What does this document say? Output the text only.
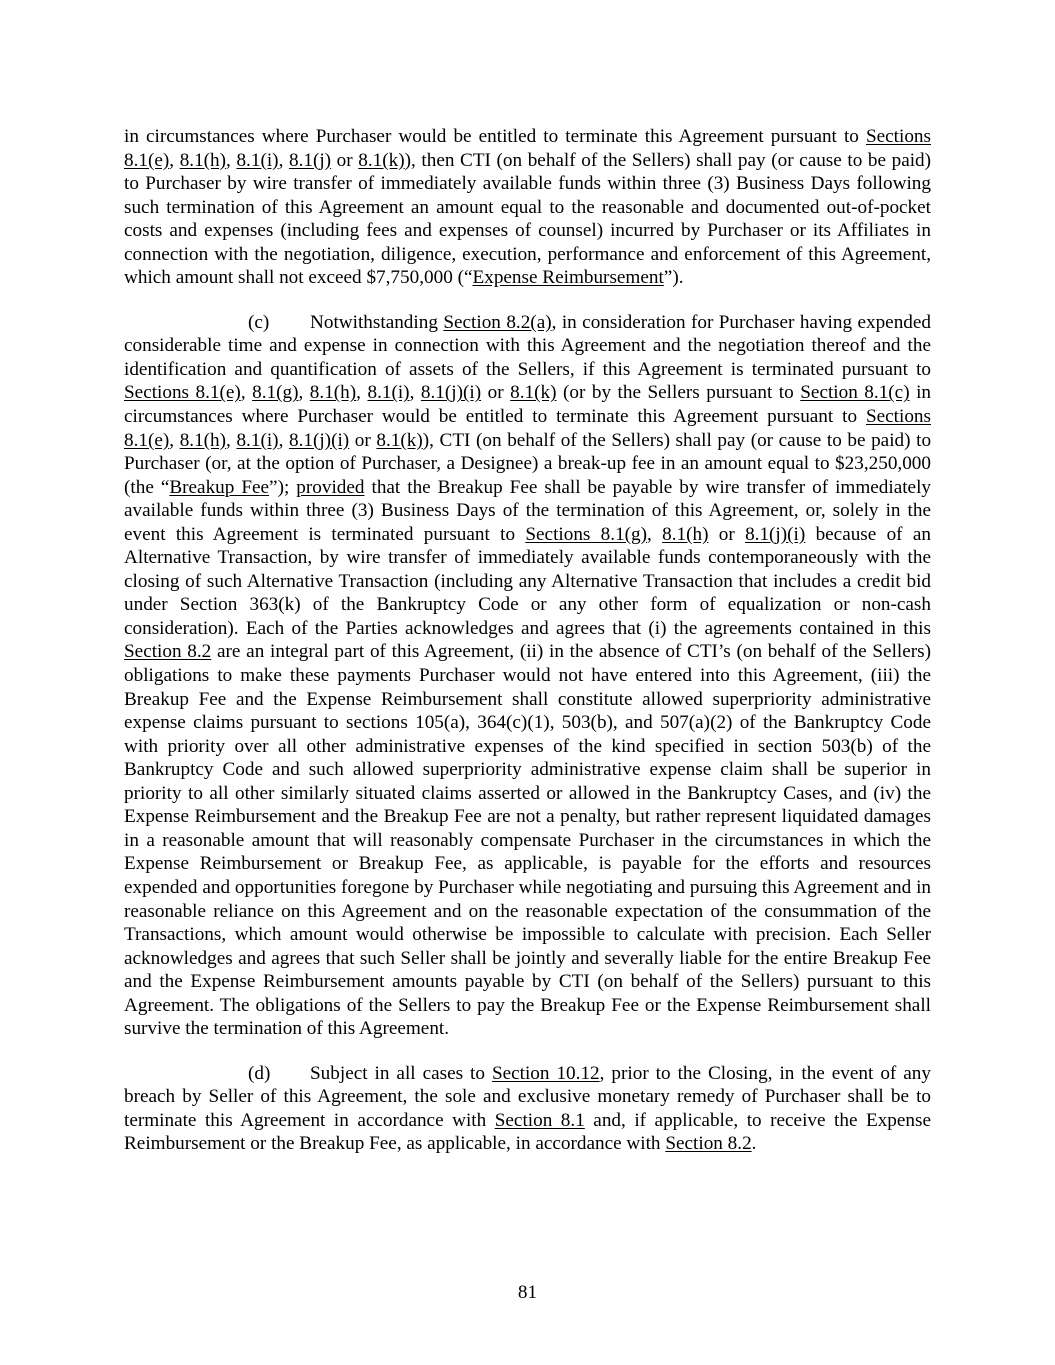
in circumstances where Purchaser would be entitled to terminate this Agreement pursuant to Sections 8.1(e), 8.1(h), 8.1(i), 8.1(j) or 8.1(k)), then CTI (on behalf of the Sellers) shall pay (or cause to be paid) to Purchaser by wire transfer of immediately available funds within three (3) Business Days following such termination of this Agreement an amount equal to the reasonable and documented out-of-pocket costs and expenses (including fees and expenses of counsel) incurred by Purchaser or its Affiliates in connection with the negotiation, diligence, execution, performance and enforcement of this Agreement, which amount shall not exceed $7,750,000 (“Expense Reimbursement”).

(c) Notwithstanding Section 8.2(a), in consideration for Purchaser having expended considerable time and expense in connection with this Agreement and the negotiation thereof and the identification and quantification of assets of the Sellers, if this Agreement is terminated pursuant to Sections 8.1(e), 8.1(g), 8.1(h), 8.1(i), 8.1(j)(i) or 8.1(k) (or by the Sellers pursuant to Section 8.1(c) in circumstances where Purchaser would be entitled to terminate this Agreement pursuant to Sections 8.1(e), 8.1(h), 8.1(i), 8.1(j)(i) or 8.1(k)), CTI (on behalf of the Sellers) shall pay (or cause to be paid) to Purchaser (or, at the option of Purchaser, a Designee) a break-up fee in an amount equal to $23,250,000 (the “Breakup Fee”); provided that the Breakup Fee shall be payable by wire transfer of immediately available funds within three (3) Business Days of the termination of this Agreement, or, solely in the event this Agreement is terminated pursuant to Sections 8.1(g), 8.1(h) or 8.1(j)(i) because of an Alternative Transaction, by wire transfer of immediately available funds contemporaneously with the closing of such Alternative Transaction (including any Alternative Transaction that includes a credit bid under Section 363(k) of the Bankruptcy Code or any other form of equalization or non-cash consideration). Each of the Parties acknowledges and agrees that (i) the agreements contained in this Section 8.2 are an integral part of this Agreement, (ii) in the absence of CTI’s (on behalf of the Sellers) obligations to make these payments Purchaser would not have entered into this Agreement, (iii) the Breakup Fee and the Expense Reimbursement shall constitute allowed superpriority administrative expense claims pursuant to sections 105(a), 364(c)(1), 503(b), and 507(a)(2) of the Bankruptcy Code with priority over all other administrative expenses of the kind specified in section 503(b) of the Bankruptcy Code and such allowed superpriority administrative expense claim shall be superior in priority to all other similarly situated claims asserted or allowed in the Bankruptcy Cases, and (iv) the Expense Reimbursement and the Breakup Fee are not a penalty, but rather represent liquidated damages in a reasonable amount that will reasonably compensate Purchaser in the circumstances in which the Expense Reimbursement or Breakup Fee, as applicable, is payable for the efforts and resources expended and opportunities foregone by Purchaser while negotiating and pursuing this Agreement and in reasonable reliance on this Agreement and on the reasonable expectation of the consummation of the Transactions, which amount would otherwise be impossible to calculate with precision. Each Seller acknowledges and agrees that such Seller shall be jointly and severally liable for the entire Breakup Fee and the Expense Reimbursement amounts payable by CTI (on behalf of the Sellers) pursuant to this Agreement. The obligations of the Sellers to pay the Breakup Fee or the Expense Reimbursement shall survive the termination of this Agreement.

(d) Subject in all cases to Section 10.12, prior to the Closing, in the event of any breach by Seller of this Agreement, the sole and exclusive monetary remedy of Purchaser shall be to terminate this Agreement in accordance with Section 8.1 and, if applicable, to receive the Expense Reimbursement or the Breakup Fee, as applicable, in accordance with Section 8.2.

81
